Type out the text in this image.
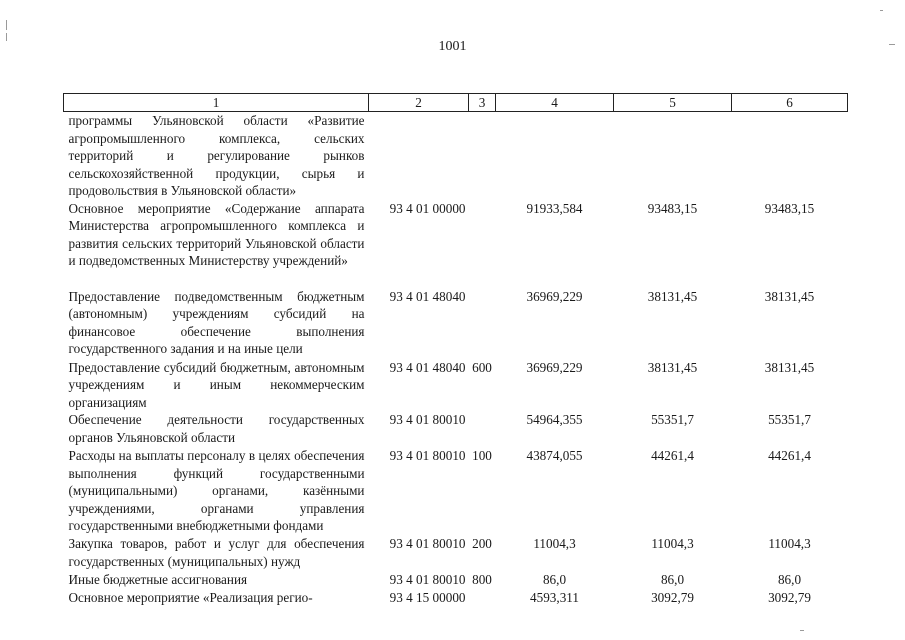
1001
1	2	3	4	5	6
программы Ульяновской области «Развитие агропромышленного комплекса, сельских территорий и регулирование рынков сельскохозяйственной продукции, сырья и продовольствия в Ульяновской области»					
Основное мероприятие «Содержание аппарата Министерства агропромышленного комплекса и развития сельских территорий Ульяновской области и подведомственных Министерству учреждений»	93 4 01 00000		91933,584	93483,15	93483,15
Предоставление подведомственным бюджетным (автономным) учреждениям субсидий на финансовое обеспечение выполнения государственного задания и на иные цели	93 4 01 48040		36969,229	38131,45	38131,45
Предоставление субсидий бюджетным, автономным учреждениям и иным некоммерческим организациям	93 4 01 48040	600	36969,229	38131,45	38131,45
Обеспечение деятельности государственных органов Ульяновской области	93 4 01 80010		54964,355	55351,7	55351,7
Расходы на выплаты персоналу в целях обеспечения выполнения функций государственными (муниципальными) органами, казёнными учреждениями, органами управления государственными внебюджетными фондами	93 4 01 80010	100	43874,055	44261,4	44261,4
Закупка товаров, работ и услуг для обеспечения государственных (муниципальных) нужд	93 4 01 80010	200	11004,3	11004,3	11004,3
Иные бюджетные ассигнования	93 4 01 80010	800	86,0	86,0	86,0
Основное мероприятие «Реализация регио-	93 4 15 00000		4593,311	3092,79	3092,79
